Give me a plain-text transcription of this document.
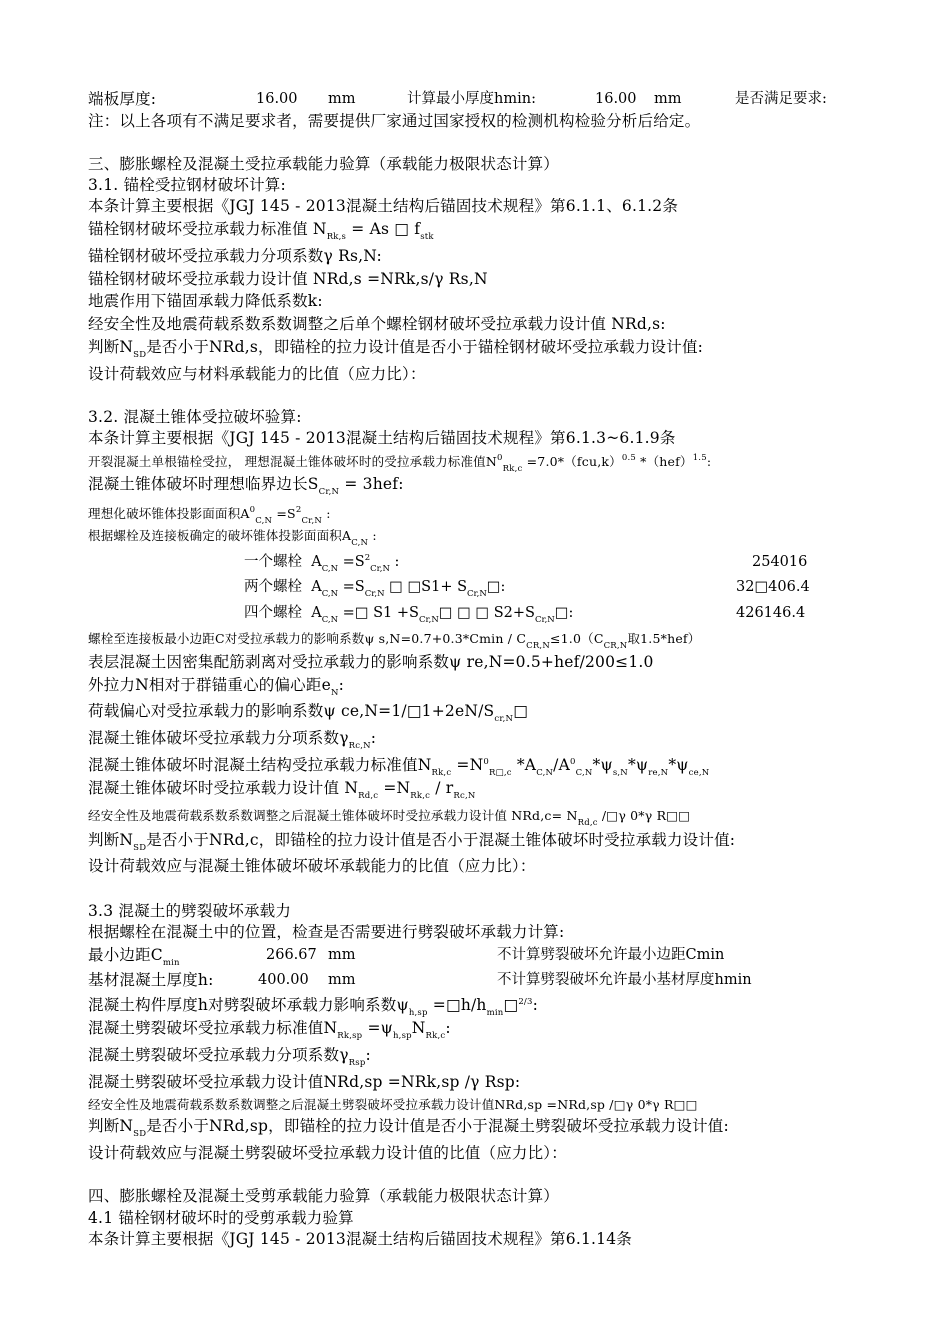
端板厚度:	16.00 mm	计算最小厚度hmin:	16.00 mm	是否满足要求:
注：以上各项有不满足要求者，需要提供厂家通过国家授权的检测机构检验分析后给定。
三、膨胀螺栓及混凝土受拉承载能力验算（承载能力极限状态计算）
3.1. 锚栓受拉钢材破坏计算:
本条计算主要根据《JGJ 145 - 2013混凝土结构后锚固技术规程》第6.1.1、6.1.2条
锚栓钢材破坏受拉承载力标准值 $N_{Rk,s} = As$ □ $f_{stk}$
锚栓钢材破坏受拉承载力分项系数γ Rs,N:
锚栓钢材破坏受拉承载力设计值 NRd,s =NRk,s/γ Rs,N
地震作用下锚固承载力降低系数k:
经安全性及地震荷载系数系数调整之后单个螺栓钢材破坏受拉承载力设计值 NRd,s:
判断$N_{SD}$是否小于NRd,s，即锚栓的拉力设计值是否小于锚栓钢材破坏受拉承载力设计值:
设计荷载效应与材料承载能力的比值（应力比）：
3.2. 混凝土锥体受拉破坏验算:
本条计算主要根据《JGJ 145 - 2013混凝土结构后锚固技术规程》第6.1.3~6.1.9条
开裂混凝土单根锚栓受拉， 理想混凝土锥体破坏时的受拉承载力标准值$N^0_{Rk,c} =7.0*(fcu,k)^{0.5}$ *（hef）$^{1.5}$:
混凝土锥体破坏时理想临界边长$S_{Cr,N} = 3hef$:
理想化破坏锥体投影面面积$A^0_{C,N} =S^2_{Cr,N}$ :
根据螺栓及连接板确定的破坏锥体投影面面积$A_{C,N}$ :
一个螺栓 $A_{C,N} =S^2_{Cr,N}$ :	254016
两个螺栓 $A_{C,N} =S_{Cr,N}$ □ □S1+ $S_{Cr,N}□$:	32□406.4
四个螺栓 $A_{C,N}$ =□ $S1 +S_{Cr,N}□$ □ □ $S2+S_{Cr,N}□$:	426146.4
螺栓至连接板最小边距C对受拉承载力的影响系数ψ $s,N=0.7+0.3*Cmin / C_{CR,N}\le 1.0(C_{CR,N}$取1.5*hef）
表层混凝土因密集配筋剥离对受拉承载力的影响系数ψ re,N=0.5+hef/200≤1.0
外拉力N相对于群锚重心的偏心距$e_N$:
荷载偏心对受拉承载力的影响系数ψ $ce,N=1/□1+2eN/S_{cr,N}□$
混凝土锥体破坏受拉承载力分项系数$\gamma_{Rc,N}$:
混凝土锥体破坏时混凝土结构受拉承载力标准值$N_{Rk,c} =N^0_{R□,c}$ $*A_{C,N}/A^0_{C,N}*\psi_{s,N}*\psi_{re,N}*\psi_{ce,N}$
混凝土锥体破坏时受拉承载力设计值 $N_{Rd,c} =N_{Rk,c} / r_{Rc,N}$
经安全性及地震荷载系数系数调整之后混凝土锥体破坏时受拉承载力设计值 $NRd,c= N_{Rd,c}$ /□γ 0*γ R□□
判断$N_{SD}$是否小于NRd,c，即锚栓的拉力设计值是否小于混凝土锥体破坏时受拉承载力设计值:
设计荷载效应与混凝土锥体破坏破坏承载能力的比值（应力比）：
3.3 混凝土的劈裂破坏承载力
根据螺栓在混凝土中的位置，检查是否需要进行劈裂破坏承载力计算:
最小边距$C_{min}$	266.67 mm	不计算劈裂破坏允许最小边距Cmin
基材混凝土厚度h:	400.00 mm	不计算劈裂破坏允许最小基材厚度hmin
混凝土构件厚度h对劈裂破坏承载力影响系数$\psi_{h,sp}$ $=□h/h_{min}□^{2/3}$:
混凝土劈裂破坏受拉承载力标准值$N_{Rk,sp} =\psi_{h,sp}N_{Rk,c}$:
混凝土劈裂破坏受拉承载力分项系数$\gamma_{Rsp}$:
混凝土劈裂破坏受拉承载力设计值NRd,sp =NRk,sp /γ Rsp:
经安全性及地震荷载系数系数调整之后混凝土劈裂破坏受拉承载力设计值NRd,sp =NRd,sp /□γ 0*γ R□□
判断$N_{SD}$是否小于NRd,sp，即锚栓的拉力设计值是否小于混凝土劈裂破坏受拉承载力设计值:
设计荷载效应与混凝土劈裂破坏受拉承载力设计值的比值（应力比）：
四、膨胀螺栓及混凝土受剪承载能力验算（承载能力极限状态计算）
4.1 锚栓钢材破坏时的受剪承载力验算
本条计算主要根据《JGJ 145 - 2013混凝土结构后锚固技术规程》第6.1.14条
